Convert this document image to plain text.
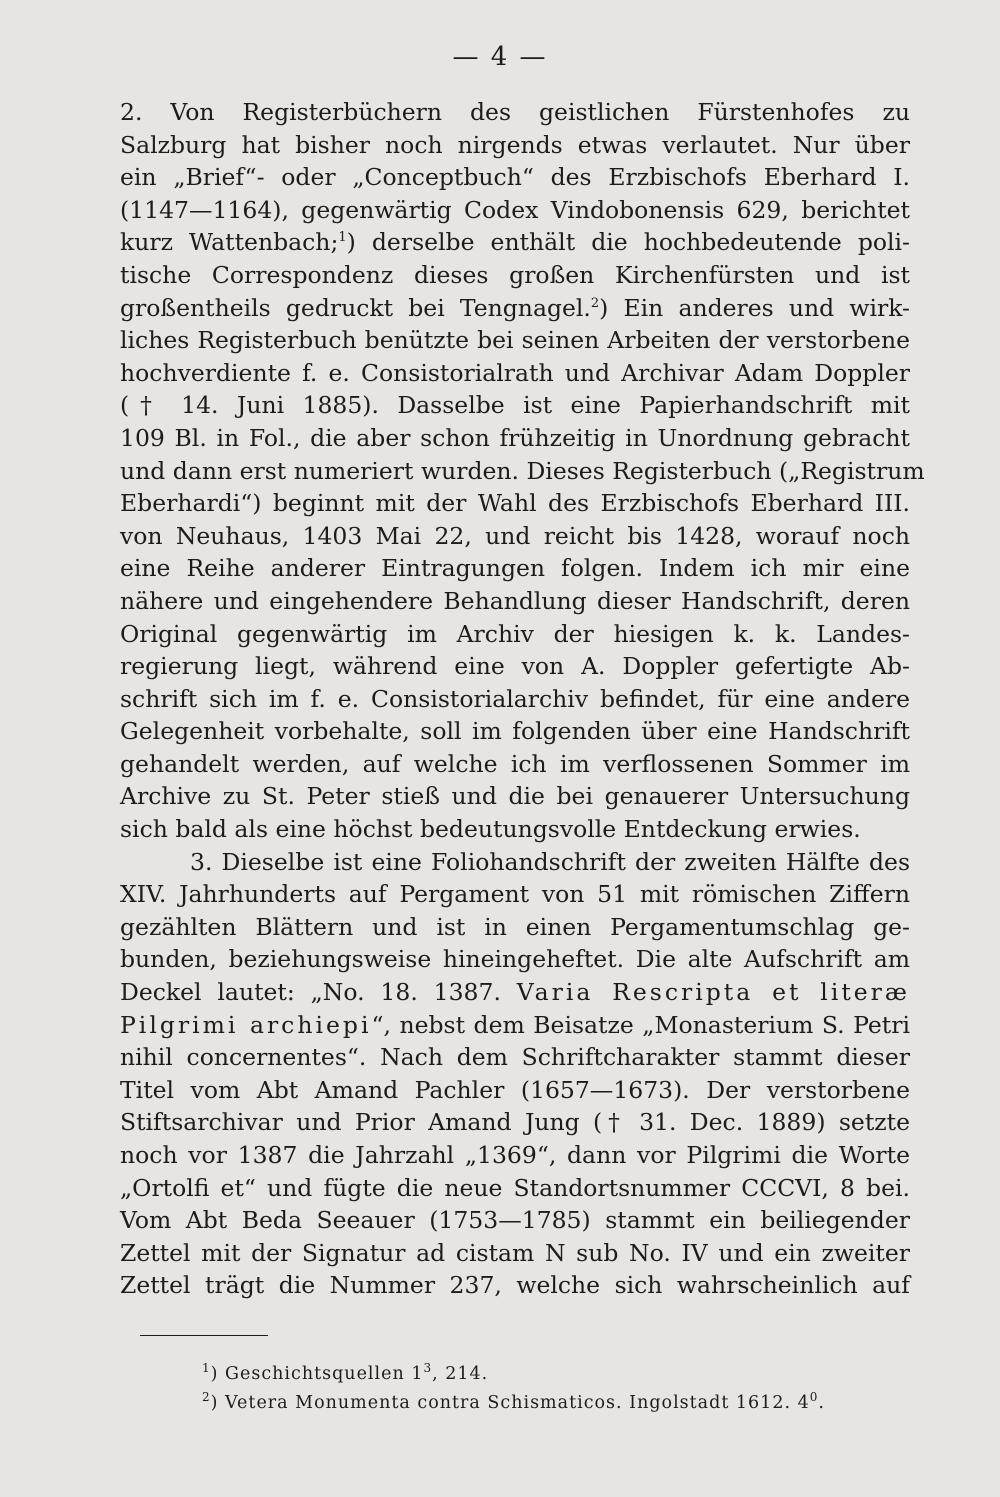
— 4 —
2. Von Registerbüchern des geistlichen Fürstenhofes zu
Salzburg hat bisher noch nirgends etwas verlautet. Nur über
ein „Brief“- oder „Conceptbuch“ des Erzbischofs Eberhard I.
(1147—1164), gegenwärtig Codex Vindobonensis 629, berichtet
kurz Wattenbach;$^1$) derselbe enthält die hochbedeutende poli-
tische Correspondenz dieses großen Kirchenfürsten und ist
großentheils gedruckt bei Tengnagel.$^2$) Ein anderes und wirk-
liches Registerbuch benützte bei seinen Arbeiten der verstorbene
hochverdiente f. e. Consistorialrath und Archivar Adam Doppler
(† 14. Juni 1885). Dasselbe ist eine Papierhandschrift mit
109 Bl. in Fol., die aber schon frühzeitig in Unordnung gebracht
und dann erst numeriert wurden. Dieses Registerbuch („Registrum
Eberhardi“) beginnt mit der Wahl des Erzbischofs Eberhard III.
von Neuhaus, 1403 Mai 22, und reicht bis 1428, worauf noch
eine Reihe anderer Eintragungen folgen. Indem ich mir eine
nähere und eingehendere Behandlung dieser Handschrift, deren
Original gegenwärtig im Archiv der hiesigen k. k. Landes-
regierung liegt, während eine von A. Doppler gefertigte Ab-
schrift sich im f. e. Consistorialarchiv befindet, für eine andere
Gelegenheit vorbehalte, soll im folgenden über eine Handschrift
gehandelt werden, auf welche ich im verflossenen Sommer im
Archive zu St. Peter stieß und die bei genauerer Untersuchung
sich bald als eine höchst bedeutungsvolle Entdeckung erwies.
3. Dieselbe ist eine Foliohandschrift der zweiten Hälfte des
XIV. Jahrhunderts auf Pergament von 51 mit römischen Ziffern
gezählten Blättern und ist in einen Pergamentumschlag ge-
bunden, beziehungsweise hineingeheftet. Die alte Aufschrift am
Deckel lautet: „No. 18. 1387. Varia Rescripta et literæ
Pilgrimi archiepi“, nebst dem Beisatze „Monasterium S. Petri
nihil concernentes“. Nach dem Schriftcharakter stammt dieser
Titel vom Abt Amand Pachler (1657—1673). Der verstorbene
Stiftsarchivar und Prior Amand Jung († 31. Dec. 1889) setzte
noch vor 1387 die Jahrzahl „1369“, dann vor Pilgrimi die Worte
„Ortolfi et“ und fügte die neue Standortsnummer CCCVI, 8 bei.
Vom Abt Beda Seeauer (1753—1785) stammt ein beiliegender
Zettel mit der Signatur ad cistam N sub No. IV und ein zweiter
Zettel trägt die Nummer 237, welche sich wahrscheinlich auf
$^1$) Geschichtsquellen $1^3$, 214.
$^2$) Vetera Monumenta contra Schismaticos. Ingolstadt 1612. $4^0$.
